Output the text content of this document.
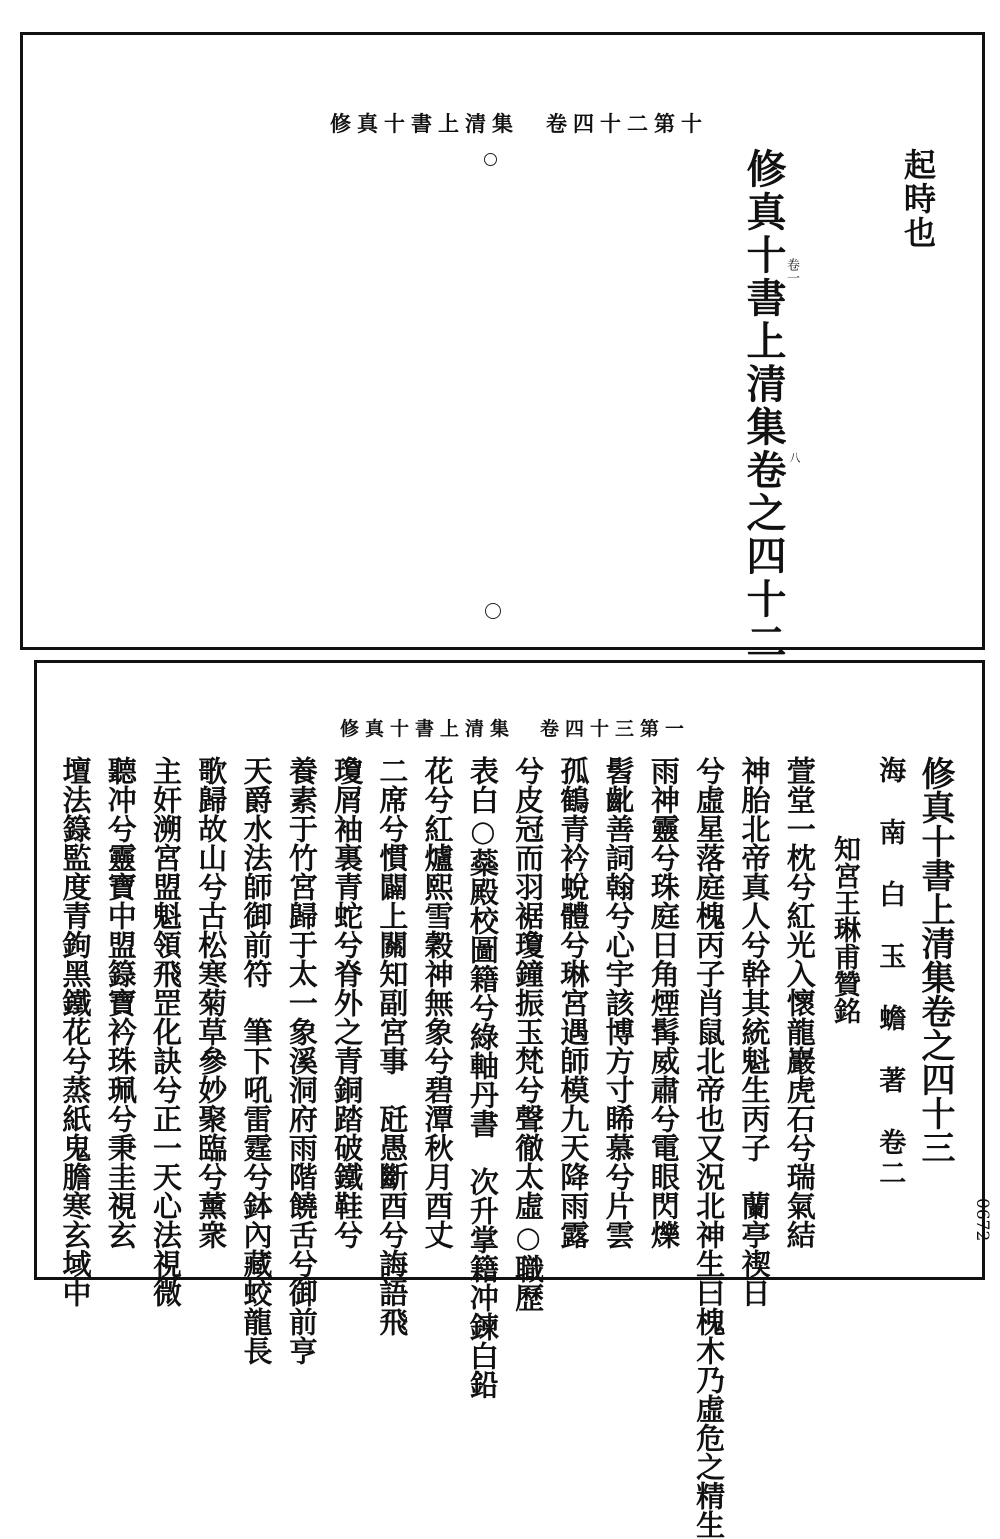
十第二十四卷　集清上書十真修
起時也
修真十書上清集卷之四十二
卷一
八
一第三十四卷　集清上書十真修
0672
修真十書上清集卷之四十三
海　南　白　玉　蟾　著　卷二
　知宮王琳甫贊銘
萱堂一枕兮紅光入懷龍巖虎石兮瑞氣結
神胎北帝真人兮幹其統魁生丙子　蘭亭禊日
兮虛星落庭槐丙子肖鼠北帝也又況北神生曰槐木乃虛危之精生
雨神靈兮珠庭日角煙髯威肅兮電眼閃爍
髫齔善詞翰兮心宇該博方寸睎慕兮片雲
孤鶴青衿蛻體兮琳宮遇師模九天降雨露
兮皮冠而羽裾瓊鐘振玉梵兮聲徹太虛○職歷
表白○蘂殿校圖籍兮綠軸丹書　次升掌籍冲鍊白鉛
花兮紅爐熙雪穀神無象兮碧潭秋月酉丈
二席兮慣闢上關知副宮事　瓩愚斷酉兮誨語飛
瓊屑袖裏青蛇兮脊外之青銅踏破鐵鞋兮
養素于竹宮歸于太一象溪洞府雨階饒舌兮御前亨
天爵水法師御前符　筆下吼雷霆兮鉢內藏蛟龍長
歌歸故山兮古松寒菊草參妙聚臨兮薰衆
主奸溯宮盟魁領飛罡化訣兮正一天心法視微
聽冲兮靈寶中盟籙寶衿珠珮兮秉圭視玄
壇法籙監度青鉤黑鐵花兮蒸紙鬼膽寒玄域中
